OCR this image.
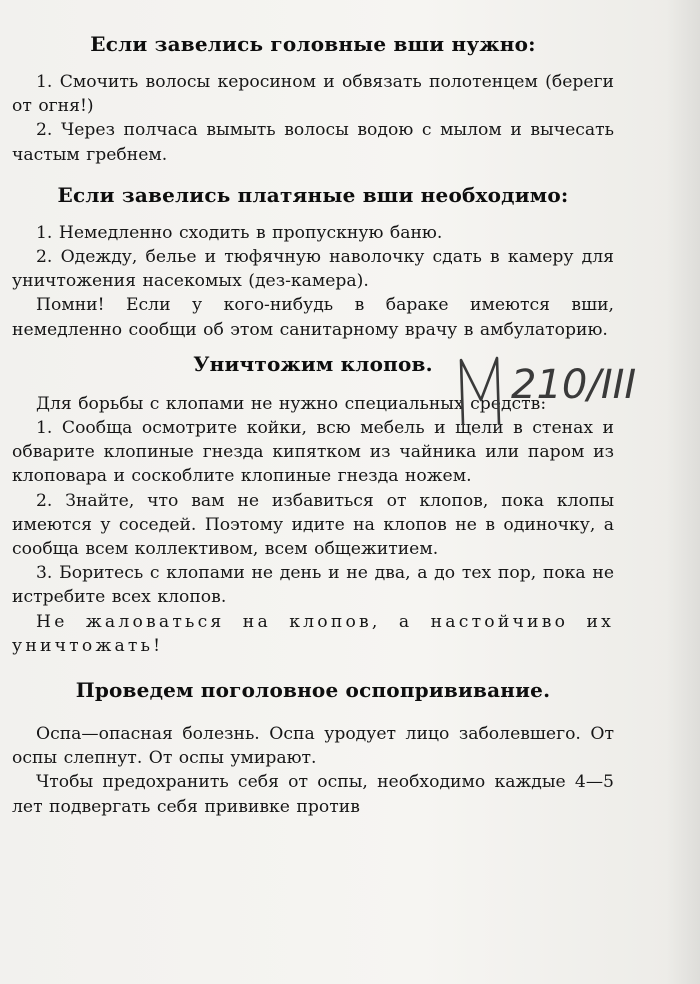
Если завелись головные вши нужно:

1. Смочить волосы керосином и обвязать полотенцем (береги от огня!)

2. Через полчаса вымыть волосы водою с мылом и вычесать частым гребнем.

Если завелись платяные вши необходимо:

1. Немедленно сходить в пропускную баню.

2. Одежду, белье и тюфячную наволочку сдать в камеру для уничтожения насекомых (дез-камера).

Помни! Если у кого-нибудь в бараке имеются вши, немедленно сообщи об этом санитарному врачу в амбулаторию.

Уничтожим клопов.

Для борьбы с клопами не нужно специальных средств:

1. Сообща осмотрите койки, всю мебель и щели в стенах и обварите клопиные гнезда кипятком из чайника или паром из клоповара и соскоблите клопиные гнезда ножем.

2. Знайте, что вам не избавиться от клопов, пока клопы имеются у соседей. Поэтому идите на клопов не в одиночку, а сообща всем коллективом, всем общежитием.

3. Боритесь с клопами не день и не два, а до тех пор, пока не истребите всех клопов.

Не жаловаться на клопов, а настойчиво их уничтожать!

Проведем поголовное оспопрививание.

Оспа—опасная болезнь. Оспа уродует лицо заболевшего. От оспы слепнут. От оспы умирают.

Чтобы предохранить себя от оспы, необходимо каждые 4—5 лет подвергать себя прививке против

210/III
